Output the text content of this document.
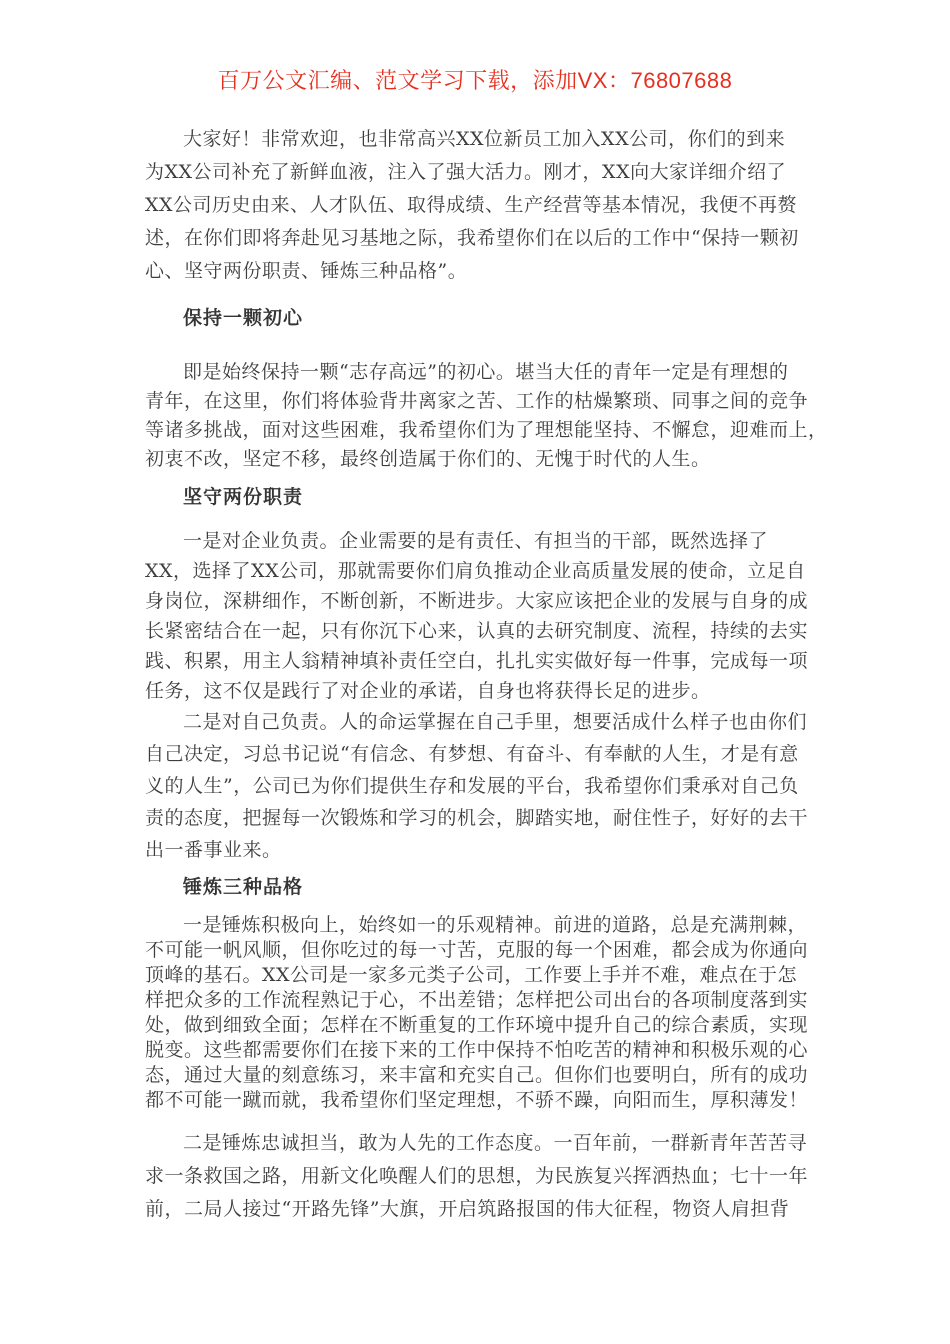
百万公文汇编、范文学习下载，添加VX：76807688
大家好！非常欢迎，也非常高兴XX位新员工加入XX公司，你们的到来
为XX公司补充了新鲜血液，注入了强大活力。刚才，XX向大家详细介绍了
XX公司历史由来、人才队伍、取得成绩、生产经营等基本情况，我便不再赘
述，在你们即将奔赴见习基地之际，我希望你们在以后的工作中“保持一颗初
心、坚守两份职责、锤炼三种品格”。
保持一颗初心
即是始终保持一颗“志存高远”的初心。堪当大任的青年一定是有理想的
青年，在这里，你们将体验背井离家之苦、工作的枯燥繁琐、同事之间的竞争
等诸多挑战，面对这些困难，我希望你们为了理想能坚持、不懈怠，迎难而上，
初衷不改，坚定不移，最终创造属于你们的、无愧于时代的人生。
坚守两份职责
一是对企业负责。企业需要的是有责任、有担当的干部，既然选择了
XX，选择了XX公司，那就需要你们肩负推动企业高质量发展的使命，立足自
身岗位，深耕细作，不断创新，不断进步。大家应该把企业的发展与自身的成
长紧密结合在一起，只有你沉下心来，认真的去研究制度、流程，持续的去实
践、积累，用主人翁精神填补责任空白，扎扎实实做好每一件事，完成每一项
任务，这不仅是践行了对企业的承诺，自身也将获得长足的进步。
二是对自己负责。人的命运掌握在自己手里，想要活成什么样子也由你们
自己决定，习总书记说“有信念、有梦想、有奋斗、有奉献的人生，才是有意
义的人生”，公司已为你们提供生存和发展的平台，我希望你们秉承对自己负
责的态度，把握每一次锻炼和学习的机会，脚踏实地，耐住性子，好好的去干
出一番事业来。
锤炼三种品格
一是锤炼积极向上，始终如一的乐观精神。前进的道路，总是充满荆棘，
不可能一帆风顺，但你吃过的每一寸苦，克服的每一个困难，都会成为你通向
顶峰的基石。XX公司是一家多元类子公司，工作要上手并不难，难点在于怎
样把众多的工作流程熟记于心，不出差错；怎样把公司出台的各项制度落到实
处，做到细致全面；怎样在不断重复的工作环境中提升自己的综合素质，实现
脱变。这些都需要你们在接下来的工作中保持不怕吃苦的精神和积极乐观的心
态，通过大量的刻意练习，来丰富和充实自己。但你们也要明白，所有的成功
都不可能一蹴而就，我希望你们坚定理想，不骄不躁，向阳而生，厚积薄发！
二是锤炼忠诚担当，敢为人先的工作态度。一百年前，一群新青年苦苦寻
求一条救国之路，用新文化唤醒人们的思想，为民族复兴挥洒热血；七十一年
前，二局人接过“开路先锋”大旗，开启筑路报国的伟大征程，物资人肩担背
